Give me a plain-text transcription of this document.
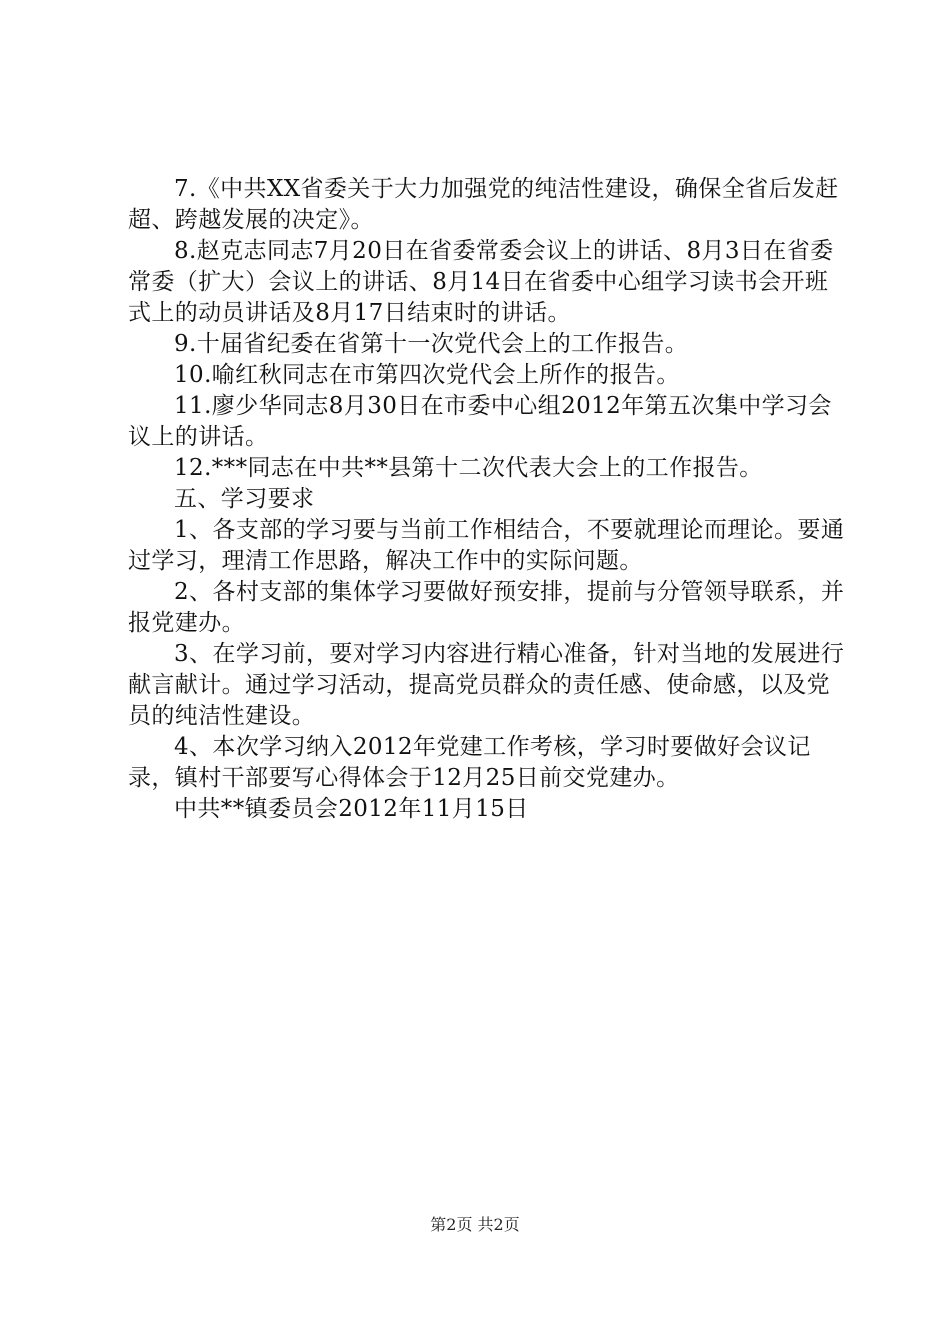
7.《中共XX省委关于大力加强党的纯洁性建设，确保全省后发赶超、跨越发展的决定》。

8.赵克志同志7月20日在省委常委会议上的讲话、8月3日在省委常委（扩大）会议上的讲话、8月14日在省委中心组学习读书会开班式上的动员讲话及8月17日结束时的讲话。

9.十届省纪委在省第十一次党代会上的工作报告。

10.喻红秋同志在市第四次党代会上所作的报告。

11.廖少华同志8月30日在市委中心组2012年第五次集中学习会议上的讲话。

12.***同志在中共**县第十二次代表大会上的工作报告。

五、学习要求

1、各支部的学习要与当前工作相结合，不要就理论而理论。要通过学习，理清工作思路，解决工作中的实际问题。

2、各村支部的集体学习要做好预安排，提前与分管领导联系，并报党建办。

3、在学习前，要对学习内容进行精心准备，针对当地的发展进行献言献计。通过学习活动，提高党员群众的责任感、使命感，以及党员的纯洁性建设。

4、本次学习纳入2012年党建工作考核，学习时要做好会议记录，镇村干部要写心得体会于12月25日前交党建办。

中共**镇委员会2012年11月15日

第2页 共2页
